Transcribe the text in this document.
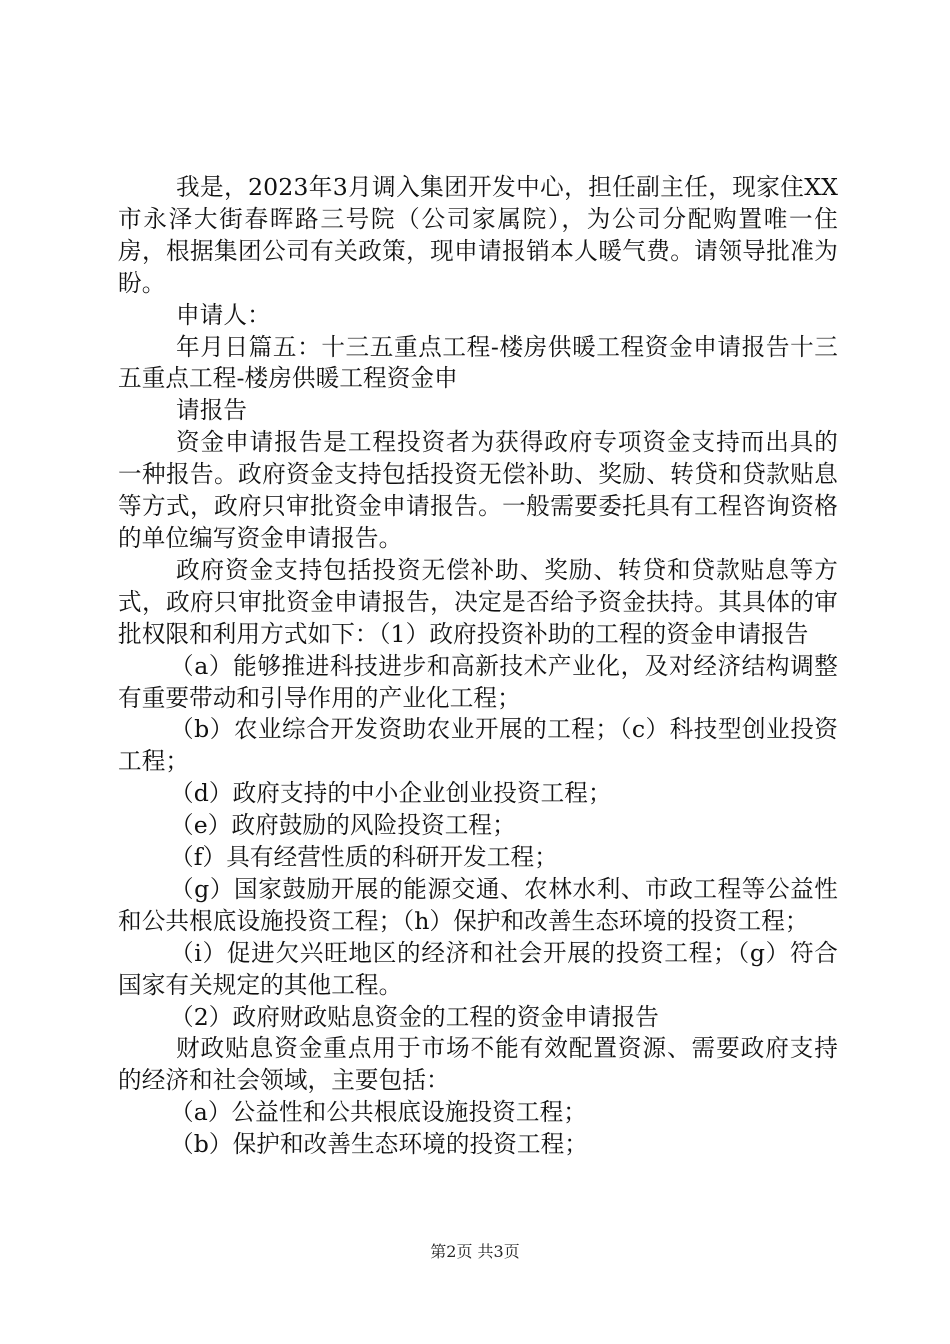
我是，2023年3月调入集团开发中心，担任副主任，现家住XX市永泽大街春晖路三号院（公司家属院），为公司分配购置唯一住房，根据集团公司有关政策，现申请报销本人暖气费。请领导批准为盼。

申请人：

年月日篇五：十三五重点工程-楼房供暖工程资金申请报告十三五重点工程-楼房供暖工程资金申

请报告

资金申请报告是工程投资者为获得政府专项资金支持而出具的一种报告。政府资金支持包括投资无偿补助、奖励、转贷和贷款贴息等方式，政府只审批资金申请报告。一般需要委托具有工程咨询资格的单位编写资金申请报告。

政府资金支持包括投资无偿补助、奖励、转贷和贷款贴息等方式，政府只审批资金申请报告，决定是否给予资金扶持。其具体的审批权限和利用方式如下：（1）政府投资补助的工程的资金申请报告

（a）能够推进科技进步和高新技术产业化，及对经济结构调整有重要带动和引导作用的产业化工程；

（b）农业综合开发资助农业开展的工程；（c）科技型创业投资工程；

（d）政府支持的中小企业创业投资工程；

（e）政府鼓励的风险投资工程；

（f）具有经营性质的科研开发工程；

（g）国家鼓励开展的能源交通、农林水利、市政工程等公益性和公共根底设施投资工程；（h）保护和改善生态环境的投资工程；

（i）促进欠兴旺地区的经济和社会开展的投资工程；（g）符合国家有关规定的其他工程。

（2）政府财政贴息资金的工程的资金申请报告

财政贴息资金重点用于市场不能有效配置资源、需要政府支持的经济和社会领域，主要包括：

（a）公益性和公共根底设施投资工程；

（b）保护和改善生态环境的投资工程；

第2页 共3页
